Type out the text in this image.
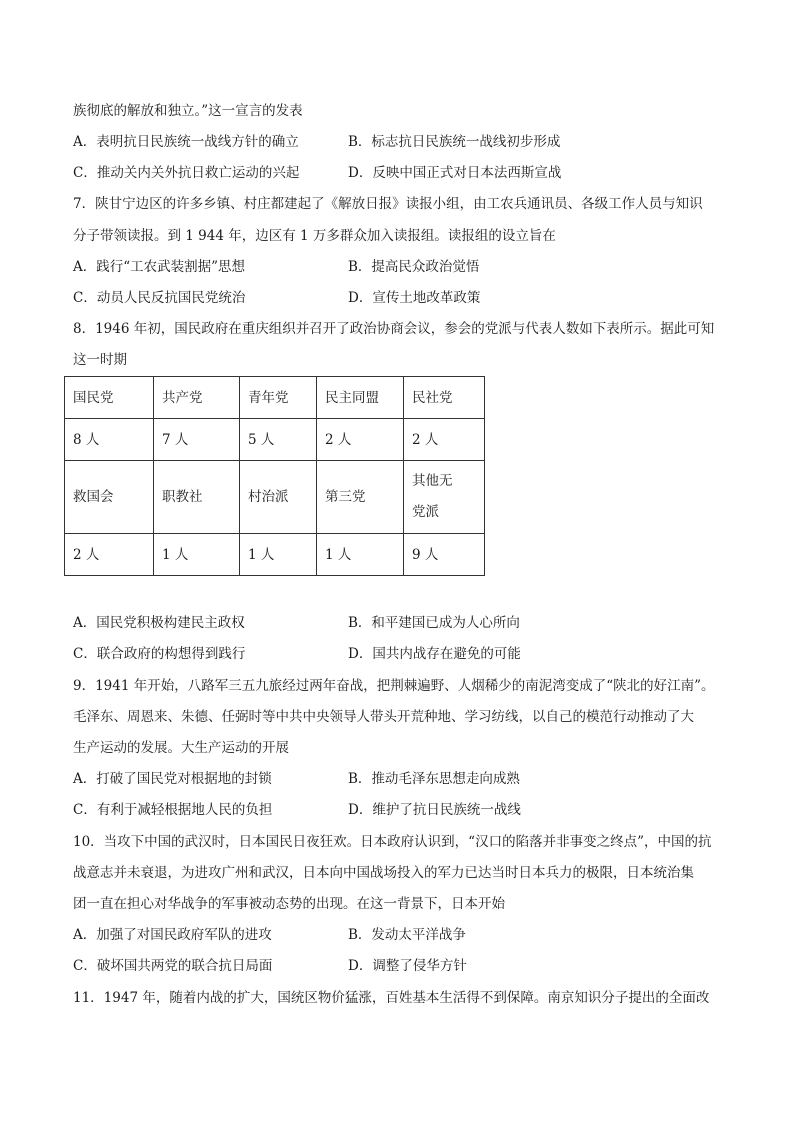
族彻底的解放和独立。”这一宣言的发表
A．表明抗日民族统一战线方针的确立	B．标志抗日民族统一战线初步形成
C．推动关内关外抗日救亡运动的兴起	D．反映中国正式对日本法西斯宣战
7．陕甘宁边区的许多乡镇、村庄都建起了《解放日报》读报小组，由工农兵通讯员、各级工作人员与知识
分子带领读报。到 1 944 年，边区有 1 万多群众加入读报组。读报组的设立旨在
A．践行“工农武装割据”思想	B．提高民众政治觉悟
C．动员人民反抗国民党统治	D．宣传土地改革政策
8．1946 年初，国民政府在重庆组织并召开了政治协商会议，参会的党派与代表人数如下表所示。据此可知
这一时期
国民党	共产党	青年党	民主同盟	民社党
8 人	7 人	5 人	2 人	2 人
救国会	职教社	村治派	第三党	其他无党派
2 人	1 人	1 人	1 人	9 人
A．国民党积极构建民主政权	B．和平建国已成为人心所向
C．联合政府的构想得到践行	D．国共内战存在避免的可能
9．1941 年开始，八路军三五九旅经过两年奋战，把荆棘遍野、人烟稀少的南泥湾变成了“陕北的好江南”。
毛泽东、周恩来、朱德、任弼时等中共中央领导人带头开荒种地、学习纺线，以自己的模范行动推动了大
生产运动的发展。大生产运动的开展
A．打破了国民党对根据地的封锁	B．推动毛泽东思想走向成熟
C．有利于减轻根据地人民的负担	D．维护了抗日民族统一战线
10．当攻下中国的武汉时，日本国民日夜狂欢。日本政府认识到，“汉口的陷落并非事变之终点”，中国的抗
战意志并未衰退，为进攻广州和武汉，日本向中国战场投入的军力已达当时日本兵力的极限，日本统治集
团一直在担心对华战争的军事被动态势的出现。在这一背景下，日本开始
A．加强了对国民政府军队的进攻	B．发动太平洋战争
C．破坏国共两党的联合抗日局面	D．调整了侵华方针
11．1947 年，随着内战的扩大，国统区物价猛涨，百姓基本生活得不到保障。南京知识分子提出的全面改
